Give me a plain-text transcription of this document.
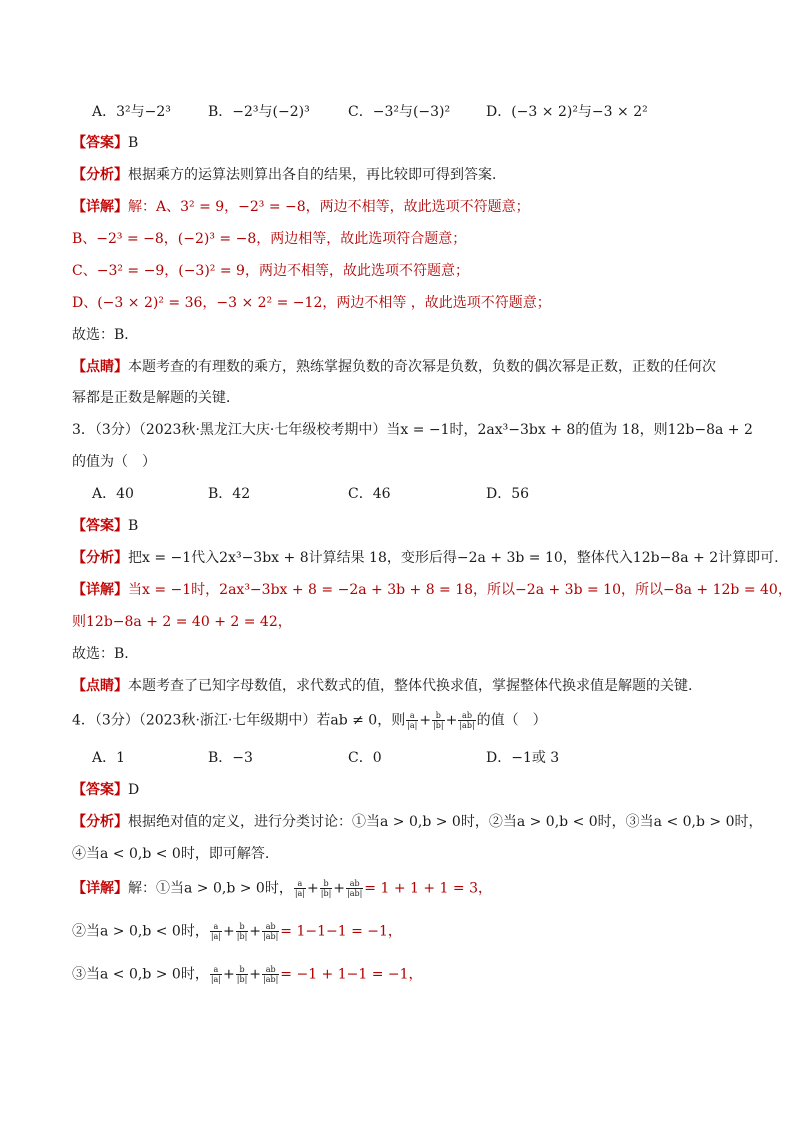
A．3²与−2³	B．−2³与(−2)³	C．−3²与(−3)²	D．(−3 × 2)²与−3 × 2²
【答案】B
【分析】根据乘方的运算法则算出各自的结果，再比较即可得到答案．
【详解】解：A、3² = 9，−2³ = −8，两边不相等，故此选项不符题意；
B、−2³ = −8，(−2)³ = −8，两边相等，故此选项符合题意；
C、−3² = −9，(−3)² = 9，两边不相等，故此选项不符题意；
D、(−3 × 2)² = 36，−3 × 2² = −12，两边不相等 ，故此选项不符题意；
故选：B．
【点睛】本题考查的有理数的乘方，熟练掌握负数的奇次幂是负数，负数的偶次幂是正数，正数的任何次
幂都是正数是解题的关键．
3．（3分）（2023秋·黑龙江大庆·七年级校考期中）当x = −1时，2ax³−3bx + 8的值为 18，则12b−8a + 2
的值为（　）
A．40	B．42	C．46	D．56
【答案】B
【分析】把x = −1代入2x³−3bx + 8计算结果 18，变形后得−2a + 3b = 10，整体代入12b−8a + 2计算即可.
【详解】当x = −1时，2ax³−3bx + 8 = −2a + 3b + 8 = 18，所以−2a + 3b = 10，所以−8a + 12b = 40，
则12b−8a + 2 = 40 + 2 = 42，
故选：B.
【点睛】本题考查了已知字母数值，求代数式的值，整体代换求值，掌握整体代换求值是解题的关键.
4．（3分）（2023秋·浙江·七年级期中）若ab ≠ 0，则 $\frac{a}{|a|} + \frac{b}{|b|} + \frac{ab}{|ab|}$ 的值（　）
A．1	B．−3	C．0	D．−1或 3
【答案】D
【分析】根据绝对值的定义，进行分类讨论：①当a > 0,b > 0时，②当a > 0,b < 0时，③当a < 0,b > 0时，
④当a < 0,b < 0时，即可解答.
【详解】解：①当a > 0,b > 0时， $\frac{a}{|a|} + \frac{b}{|b|} + \frac{ab}{|ab|} = 1 + 1 + 1 = 3$，
②当a > 0,b < 0时， $\frac{a}{|a|} + \frac{b}{|b|} + \frac{ab}{|ab|} = 1-1-1 = -1$，
③当a < 0,b > 0时， $\frac{a}{|a|} + \frac{b}{|b|} + \frac{ab}{|ab|} = -1 + 1-1 = -1$，
